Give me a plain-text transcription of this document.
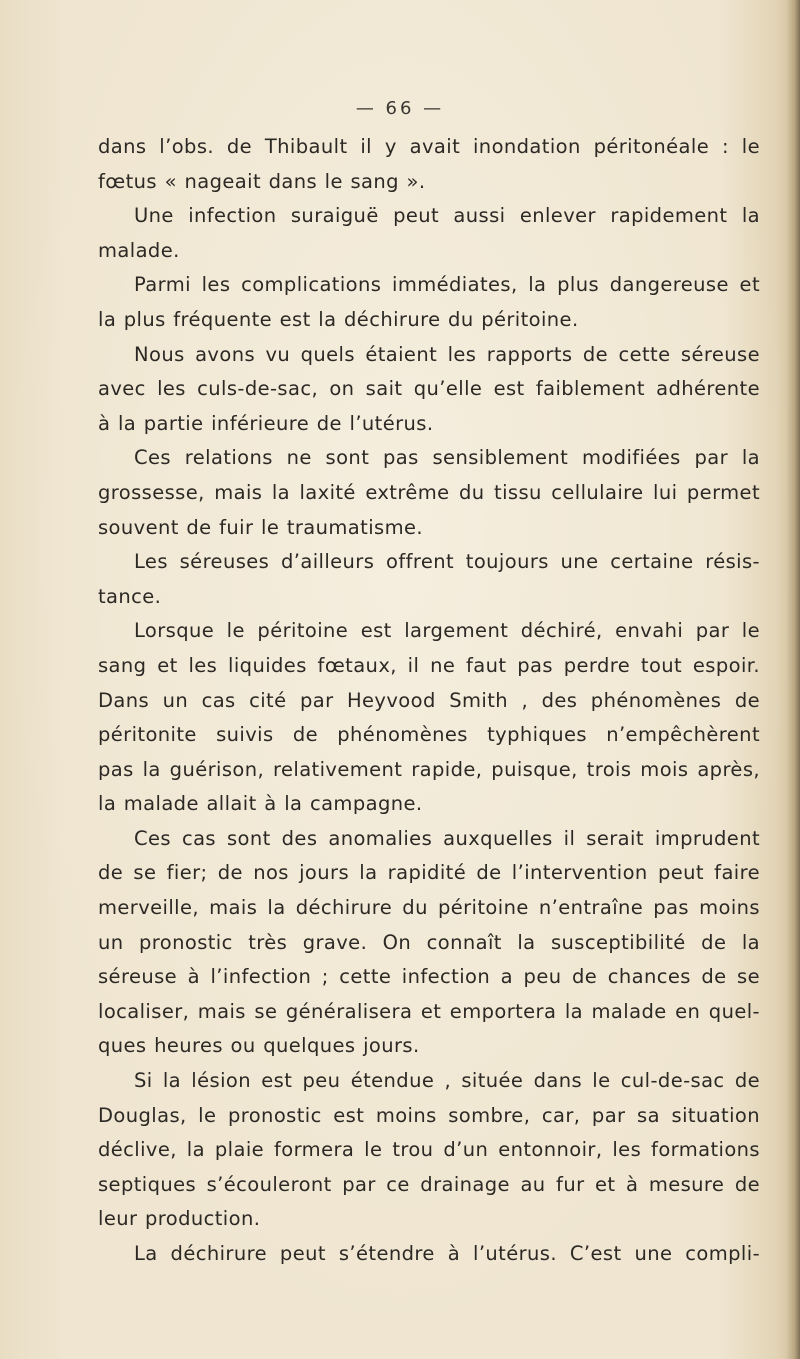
— 66 —
dans l’obs. de Thibault il y avait inondation péritonéale : le
fœtus « nageait dans le sang ».
Une infection suraiguë peut aussi enlever rapidement la
malade.
Parmi les complications immédiates, la plus dangereuse et
la plus fréquente est la déchirure du péritoine.
Nous avons vu quels étaient les rapports de cette séreuse
avec les culs-de-sac, on sait qu’elle est faiblement adhérente
à la partie inférieure de l’utérus.
Ces relations ne sont pas sensiblement modifiées par la
grossesse, mais la laxité extrême du tissu cellulaire lui permet
souvent de fuir le traumatisme.
Les séreuses d’ailleurs offrent toujours une certaine résis-
tance.
Lorsque le péritoine est largement déchiré, envahi par le
sang et les liquides fœtaux, il ne faut pas perdre tout espoir.
Dans un cas cité par Heyvood Smith , des phénomènes de
péritonite suivis de phénomènes typhiques n’empêchèrent
pas la guérison, relativement rapide, puisque, trois mois après,
la malade allait à la campagne.
Ces cas sont des anomalies auxquelles il serait imprudent
de se fier; de nos jours la rapidité de l’intervention peut faire
merveille, mais la déchirure du péritoine n’entraîne pas moins
un pronostic très grave. On connaît la susceptibilité de la
séreuse à l’infection ; cette infection a peu de chances de se
localiser, mais se généralisera et emportera la malade en quel-
ques heures ou quelques jours.
Si la lésion est peu étendue , située dans le cul-de-sac de
Douglas, le pronostic est moins sombre, car, par sa situation
déclive, la plaie formera le trou d’un entonnoir, les formations
septiques s’écouleront par ce drainage au fur et à mesure de
leur production.
La déchirure peut s’étendre à l’utérus. C’est une compli-
